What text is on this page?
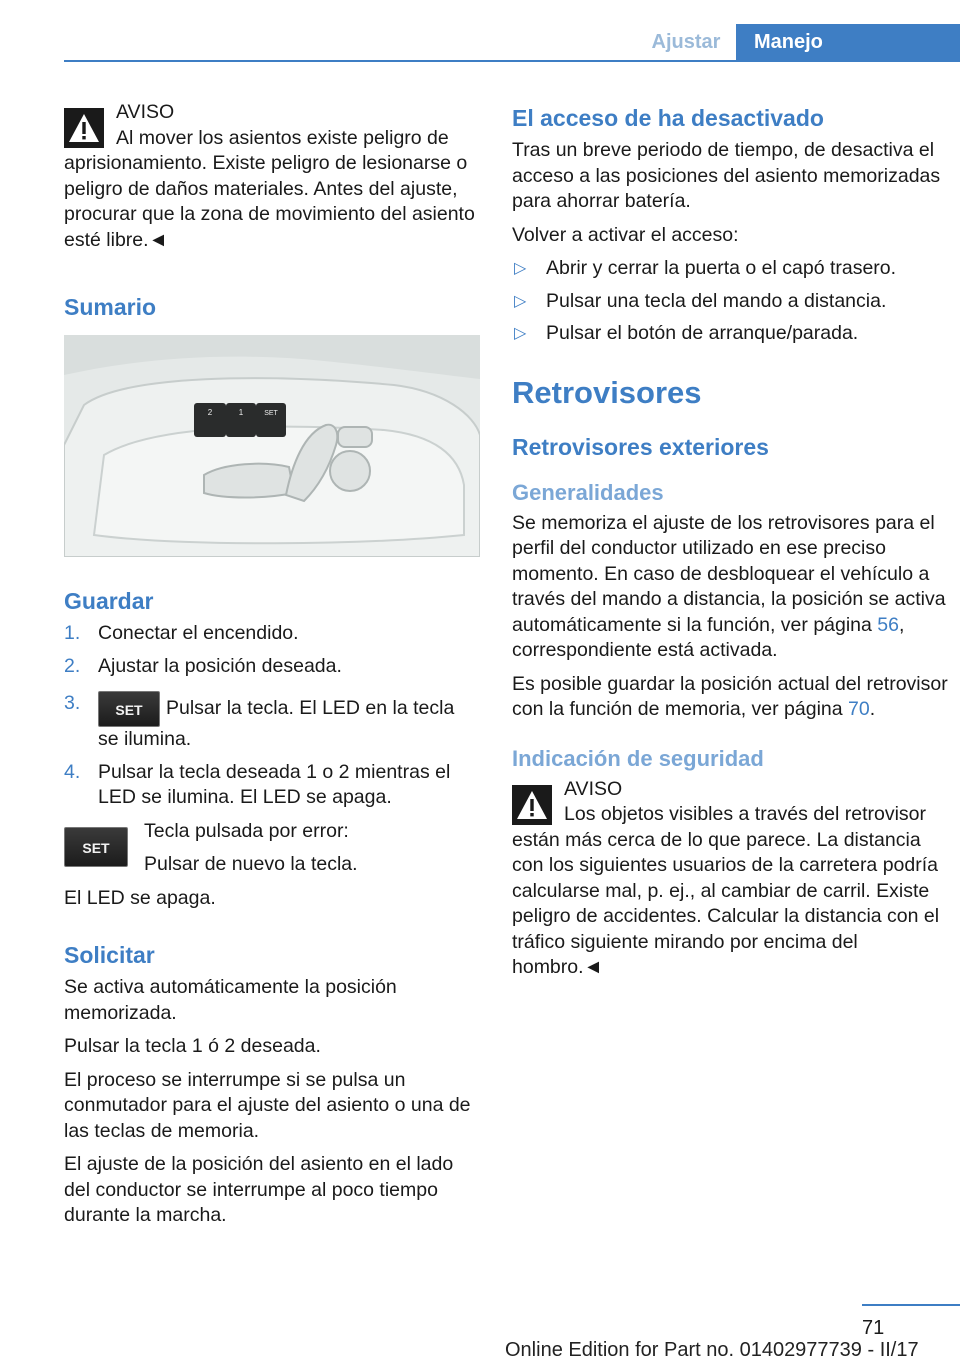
Ajustar	Manejo
AVISO

Al mover los asientos existe peligro de aprisionamiento. Existe peligro de lesionarse o peligro de daños materiales. Antes del ajuste, procurar que la zona de movimiento del asiento esté libre.◄

Sumario
2	1	SET
Guardar
1. Conectar el encendido.
2. Ajustar la posición deseada.
3.	SET Pulsar la tecla. El LED en la tecla se ilumina.
4. Pulsar la tecla deseada 1 o 2 mientras el LED se ilumina. El LED se apaga.
SET

Tecla pulsada por error:

Pulsar de nuevo la tecla.

El LED se apaga.

Solicitar

Se activa automáticamente la posición memorizada.

Pulsar la tecla 1 ó 2 deseada.

El proceso se interrumpe si se pulsa un conmutador para el ajuste del asiento o una de las teclas de memoria.

El ajuste de la posición del asiento en el lado del conductor se interrumpe al poco tiempo durante la marcha.

El acceso de ha desactivado

Tras un breve periodo de tiempo, de desactiva el acceso a las posiciones del asiento memorizadas para ahorrar batería.

Volver a activar el acceso:

▷ Abrir y cerrar la puerta o el capó trasero.
▷ Pulsar una tecla del mando a distancia.
▷ Pulsar el botón de arranque/parada.
Retrovisores
Retrovisores exteriores
Generalidades

Se memoriza el ajuste de los retrovisores para el perfil del conductor utilizado en ese preciso momento. En caso de desbloquear el vehículo a través del mando a distancia, la posición se activa automáticamente si la función, ver página 56, correspondiente está activada.

Es posible guardar la posición actual del retrovisor con la función de memoria, ver página 70.

Indicación de seguridad
AVISO

Los objetos visibles a través del retrovisor están más cerca de lo que parece. La distancia con los siguientes usuarios de la carretera podría calcularse mal, p. ej., al cambiar de carril. Existe peligro de accidentes. Calcular la distancia con el tráfico siguiente mirando por encima del hombro.◄

71
Online Edition for Part no. 01402977739 - II/17
